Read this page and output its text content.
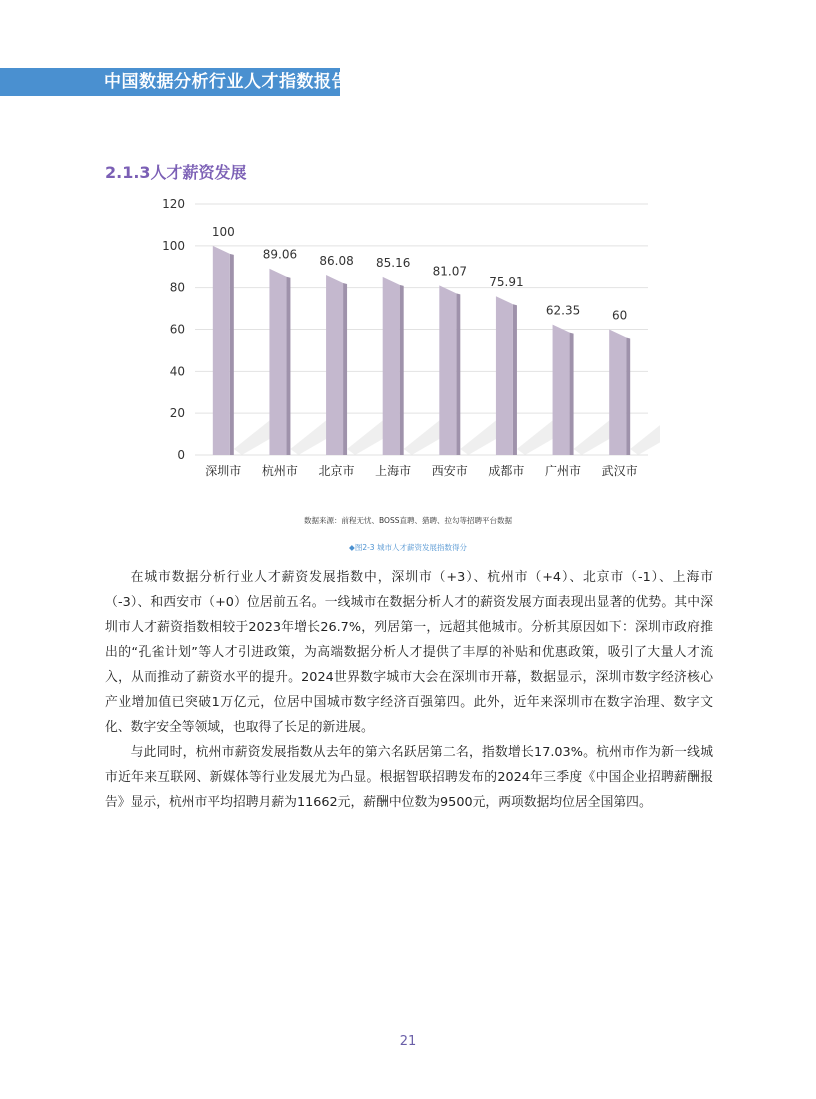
中国数据分析行业人才指数报告
2.1.3人才薪资发展
100
89.06 86.08 85.16
81.07
75.91
62.35	60
0
20
40
60
80
100
120
深圳市 杭州市 北京市 上海市 西安市 成都市 广州市 武汉市
数据来源：前程无忧、BOSS直聘、猎聘、拉勾等招聘平台数据
◆图2-3 城市人才薪资发展指数得分

在城市数据分析行业人才薪资发展指数中，深圳市（+3）、杭州市（+4）、北京市（-1）、上海市（-3）、和西安市（+0）位居前五名。一线城市在数据分析人才的薪资发展方面表现出显著的优势。其中深圳市人才薪资指数相较于2023年增长26.7%，列居第一，远超其他城市。分析其原因如下：深圳市政府推出的“孔雀计划”等人才引进政策，为高端数据分析人才提供了丰厚的补贴和优惠政策，吸引了大量人才流入，从而推动了薪资水平的提升。2024世界数字城市大会在深圳市开幕，数据显示，深圳市数字经济核心产业增加值已突破1万亿元，位居中国城市数字经济百强第四。此外，近年来深圳市在数字治理、数字文化、数字安全等领域，也取得了长足的新进展。

与此同时，杭州市薪资发展指数从去年的第六名跃居第二名，指数增长17.03%。杭州市作为新一线城市近年来互联网、新媒体等行业发展尤为凸显。根据智联招聘发布的2024年三季度《中国企业招聘薪酬报告》显示，杭州市平均招聘月薪为11662元，薪酬中位数为9500元，两项数据均位居全国第四。

21
